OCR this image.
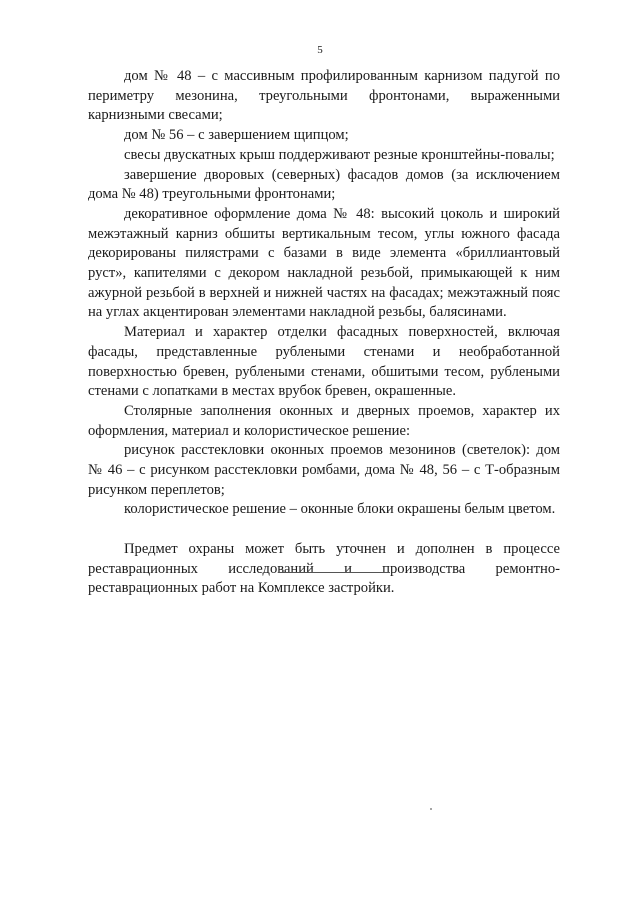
5

дом № 48 – с массивным профилированным карнизом падугой по периметру мезонина, треугольными фронтонами, выраженными карнизными свесами;

дом № 56 – с завершением щипцом;

свесы двускатных крыш поддерживают резные кронштейны-повалы;

завершение дворовых (северных) фасадов домов (за исключением дома № 48) треугольными фронтонами;

декоративное оформление дома № 48: высокий цоколь и широкий межэтажный карниз обшиты вертикальным тесом, углы южного фасада декорированы пилястрами с базами в виде элемента «бриллиантовый руст», капителями с декором накладной резьбой, примыкающей к ним ажурной резьбой в верхней и нижней частях на фасадах; межэтажный пояс на углах акцентирован элементами накладной резьбы, балясинами.

Материал и характер отделки фасадных поверхностей, включая фасады, представленные рублеными стенами и необработанной поверхностью бревен, рублеными стенами, обшитыми тесом, рублеными стенами с лопатками в местах врубок бревен, окрашенные.

Столярные заполнения оконных и дверных проемов, характер их оформления, материал и колористическое решение:

рисунок расстекловки оконных проемов мезонинов (светелок): дом № 46 – с рисунком расстекловки ромбами, дома № 48, 56 – с Т-образным рисунком переплетов;

колористическое решение – оконные блоки окрашены белым цветом.

Предмет охраны может быть уточнен и дополнен в процессе реставрационных исследований и производства ремонтно-реставрационных работ на Комплексе застройки.
